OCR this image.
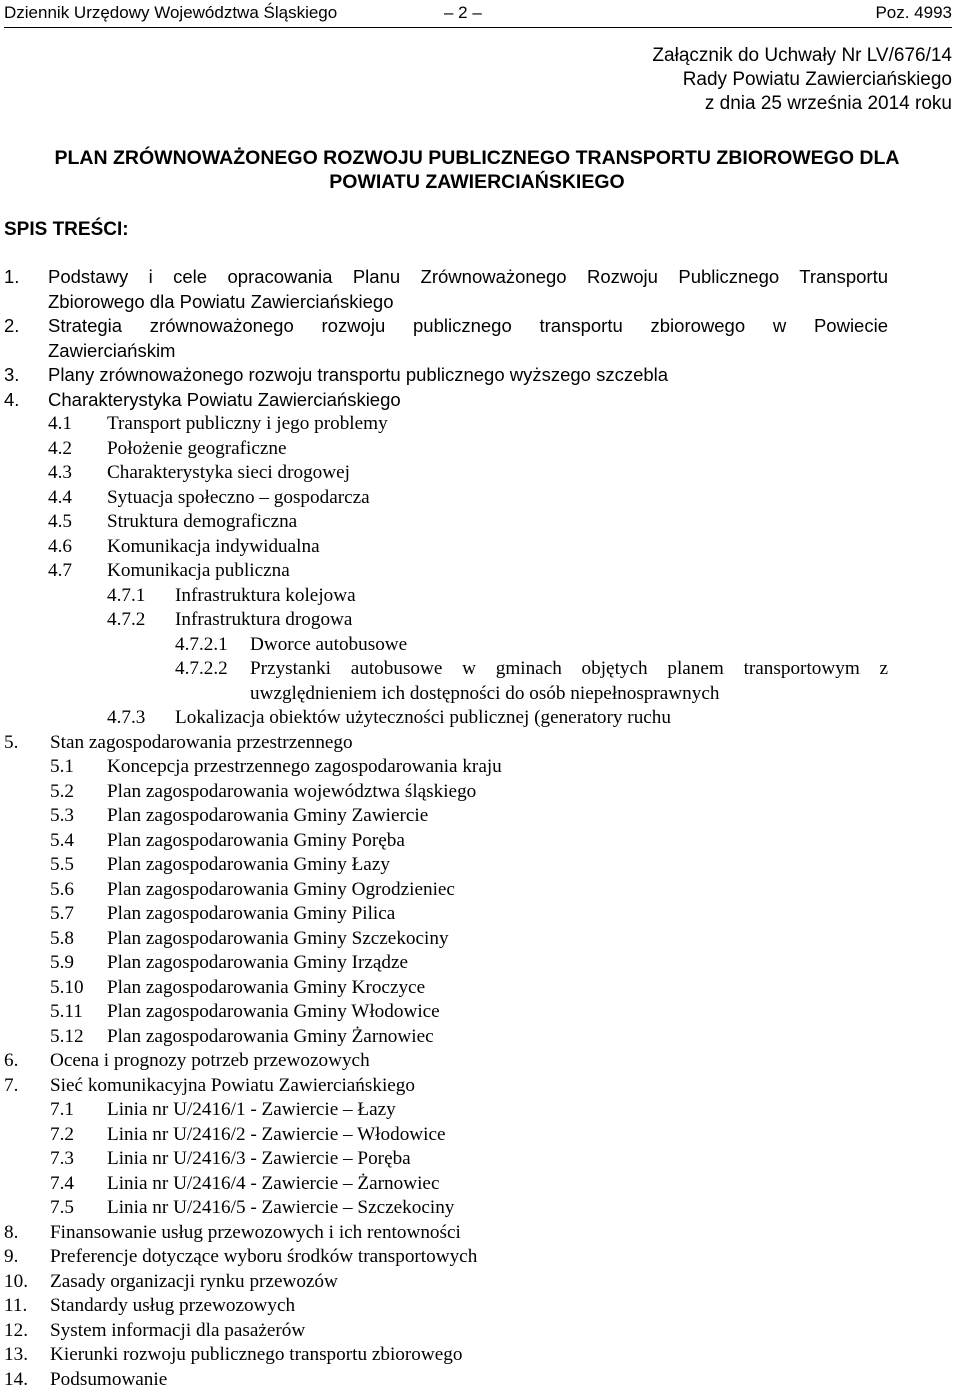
Dziennik Urzędowy Województwa Śląskiego	– 2 –	Poz. 4993
Załącznik do Uchwały Nr LV/676/14
Rady Powiatu Zawierciańskiego
z dnia 25 września 2014 roku
PLAN ZRÓWNOWAŻONEGO ROZWOJU PUBLICZNEGO TRANSPORTU ZBIOROWEGO DLA
POWIATU ZAWIERCIAŃSKIEGO
SPIS TREŚCI:
1. Podstawy i cele opracowania Planu Zrównoważonego Rozwoju Publicznego Transportu
Zbiorowego dla Powiatu Zawierciańskiego
2. Strategia zrównoważonego rozwoju publicznego transportu zbiorowego w Powiecie
Zawierciańskim
3. Plany zrównoważonego rozwoju transportu publicznego wyższego szczebla
4. Charakterystyka Powiatu Zawierciańskiego
4.1 Transport publiczny i jego problemy
4.2 Położenie geograficzne
4.3 Charakterystyka sieci drogowej
4.4 Sytuacja społeczno – gospodarcza
4.5 Struktura demograficzna
4.6 Komunikacja indywidualna
4.7 Komunikacja publiczna
4.7.1 Infrastruktura kolejowa
4.7.2 Infrastruktura drogowa
4.7.2.1 Dworce autobusowe
4.7.2.2 Przystanki autobusowe w gminach objętych planem transportowym z
uwzględnieniem ich dostępności do osób niepełnosprawnych
4.7.3 Lokalizacja obiektów użyteczności publicznej (generatory ruchu
5. Stan zagospodarowania przestrzennego
5.1 Koncepcja przestrzennego zagospodarowania kraju
5.2 Plan zagospodarowania województwa śląskiego
5.3 Plan zagospodarowania Gminy Zawiercie
5.4 Plan zagospodarowania Gminy Poręba
5.5 Plan zagospodarowania Gminy Łazy
5.6 Plan zagospodarowania Gminy Ogrodzieniec
5.7 Plan zagospodarowania Gminy Pilica
5.8 Plan zagospodarowania Gminy Szczekociny
5.9 Plan zagospodarowania Gminy Irządze
5.10 Plan zagospodarowania Gminy Kroczyce
5.11 Plan zagospodarowania Gminy Włodowice
5.12 Plan zagospodarowania Gminy Żarnowiec
6. Ocena i prognozy potrzeb przewozowych
7. Sieć komunikacyjna Powiatu Zawierciańskiego
7.1 Linia nr U/2416/1 - Zawiercie – Łazy
7.2 Linia nr U/2416/2 - Zawiercie – Włodowice
7.3 Linia nr U/2416/3 - Zawiercie – Poręba
7.4 Linia nr U/2416/4 - Zawiercie – Żarnowiec
7.5 Linia nr U/2416/5 - Zawiercie – Szczekociny
8. Finansowanie usług przewozowych i ich rentowności
9. Preferencje dotyczące wyboru środków transportowych
10. Zasady organizacji rynku przewozów
11. Standardy usług przewozowych
12. System informacji dla pasażerów
13. Kierunki rozwoju publicznego transportu zbiorowego
14. Podsumowanie
